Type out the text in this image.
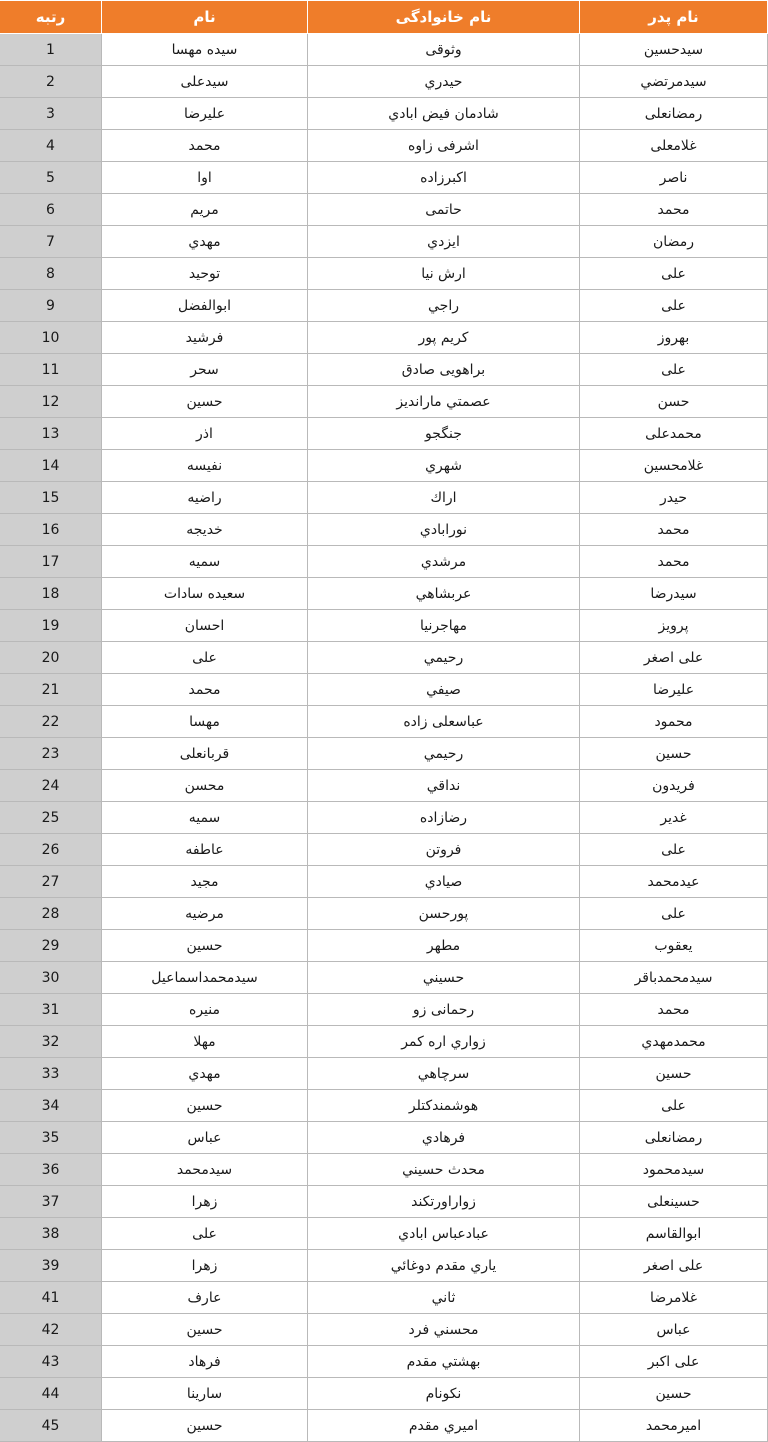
نام پدر	نام خانوادگی	نام	رتبه
سیدحسین	وثوقی	سیده مهسا	1
سیدمرتضي	حیدري	سیدعلی	2
رمضانعلی	شادمان فیض ابادي	علیرضا	3
غلامعلی	اشرفی زاوه	محمد	4
ناصر	اکبرزاده	اوا	5
محمد	حاتمی	مریم	6
رمضان	ایزدي	مهدي	7
علی	ارش نیا	توحید	8
علی	راجي	ابوالفضل	9
بهروز	کریم پور	فرشید	10
علی	براهویی صادق	سحر	11
حسن	عصمتي ماراندیز	حسین	12
محمدعلی	جنگجو	اذر	13
غلامحسین	شهري	نفیسه	14
حیدر	اراك	راضیه	15
محمد	نورابادي	خدیجه	16
محمد	مرشدي	سمیه	17
سیدرضا	عربشاهي	سعیده سادات	18
پرویز	مهاجرنیا	احسان	19
علی اصغر	رحیمي	علی	20
علیرضا	صیفي	محمد	21
محمود	عباسعلی زاده	مهسا	22
حسین	رحیمي	قربانعلی	23
فریدون	نداقي	محسن	24
غدیر	رضازاده	سمیه	25
علی	فروتن	عاطفه	26
عیدمحمد	صیادي	مجید	27
علی	پورحسن	مرضیه	28
یعقوب	مطهر	حسین	29
سیدمحمدباقر	حسیني	سیدمحمداسماعیل	30
محمد	رحمانی زو	منیره	31
محمدمهدي	زواري اره کمر	مهلا	32
حسین	سرچاهي	مهدي	33
علی	هوشمندکتلر	حسین	34
رمضانعلی	فرهادي	عباس	35
سیدمحمود	محدث حسیني	سیدمحمد	36
حسینعلی	زواراورتکند	زهرا	37
ابوالقاسم	عبادعباس ابادي	علی	38
علی اصغر	یاري مقدم دوغائي	زهرا	39
غلامرضا	ثاني	عارف	41
عباس	محسني فرد	حسین	42
علی اکبر	بهشتي مقدم	فرهاد	43
حسین	نکونام	سارینا	44
امیرمحمد	امیري مقدم	حسین	45
